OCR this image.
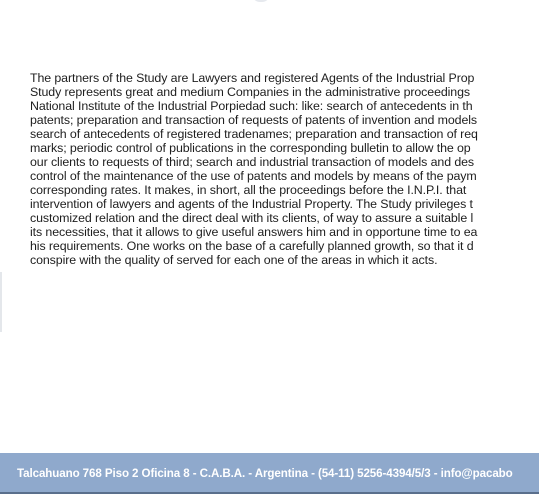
The partners of the Study are Lawyers and registered Agents of the Industrial Prop
Study represents great and medium Companies in the administrative proceedings
National Institute of the Industrial Porpiedad such: like: search of antecedents in th
patents; preparation and transaction of requests of patents of invention and models
search of antecedents of registered tradenames; preparation and transaction of req
marks; periodic control of publications in the corresponding bulletin to allow the op
our clients to requests of third; search and industrial transaction of models and des
control of the maintenance of the use of patents and models by means of the paym
corresponding rates. It makes, in short, all the proceedings before the I.N.P.I. that
intervention of lawyers and agents of the Industrial Property. The Study privileges t
customized relation and the direct deal with its clients, of way to assure a suitable l
its necessities, that it allows to give useful answers him and in opportune time to ea
his requirements. One works on the base of a carefully planned growth, so that it d
conspire with the quality of served for each one of the areas in which it acts.
Talcahuano 768 Piso 2 Oficina 8 - C.A.B.A. - Argentina - (54-11) 5256-4394/5/3 - info@pacabo
